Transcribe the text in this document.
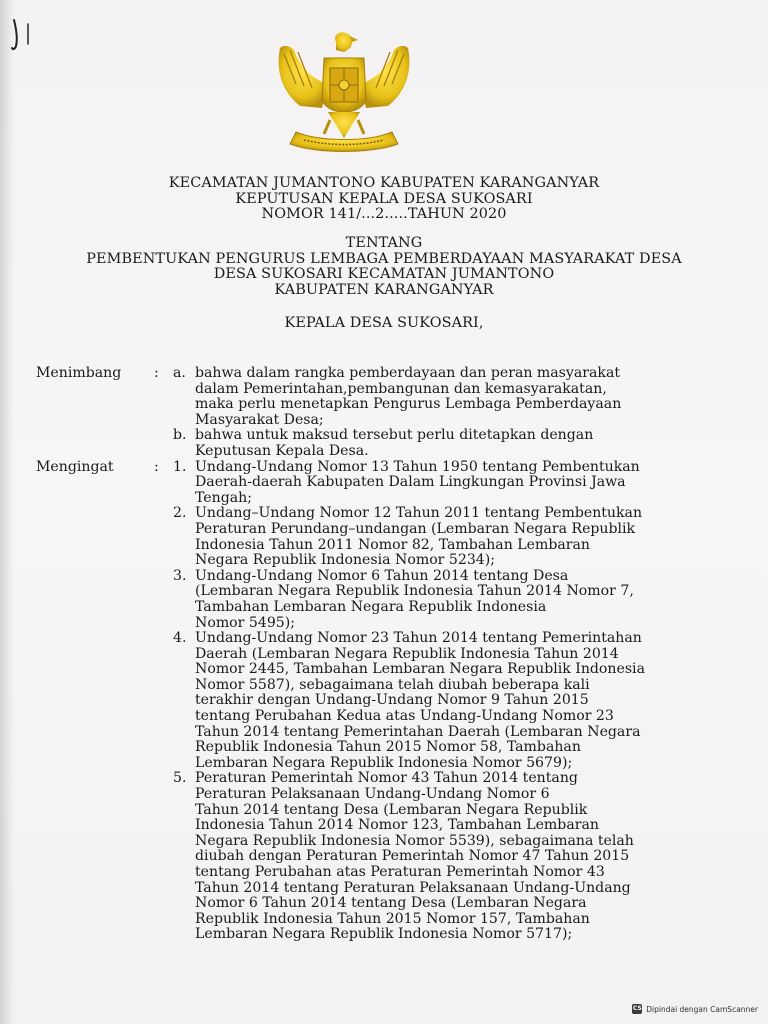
KECAMATAN JUMANTONO KABUPATEN KARANGANYAR
KEPUTUSAN KEPALA DESA SUKOSARI
NOMOR 141/...2.....TAHUN 2020
TENTANG
PEMBENTUKAN PENGURUS LEMBAGA PEMBERDAYAAN MASYARAKAT DESA
DESA SUKOSARI KECAMATAN JUMANTONO
KABUPATEN KARANGANYAR
KEPALA DESA SUKOSARI,
Menimbang	: a. bahwa dalam rangka pemberdayaan dan peran masyarakat
dalam Pemerintahan,pembangunan dan kemasyarakatan,
maka perlu menetapkan Pengurus Lembaga Pemberdayaan
Masyarakat Desa;
b. bahwa untuk maksud tersebut perlu ditetapkan dengan
Keputusan Kepala Desa.
Mengingat	: 1. Undang-Undang Nomor 13 Tahun 1950 tentang Pembentukan
Daerah-daerah Kabupaten Dalam Lingkungan Provinsi Jawa
Tengah;
2. Undang–Undang Nomor 12 Tahun 2011 tentang Pembentukan
Peraturan Perundang–undangan (Lembaran Negara Republik
Indonesia Tahun 2011 Nomor 82, Tambahan Lembaran
Negara Republik Indonesia Nomor 5234);
3. Undang-Undang Nomor 6 Tahun 2014 tentang Desa
(Lembaran Negara Republik Indonesia Tahun 2014 Nomor 7,
Tambahan Lembaran Negara Republik Indonesia
Nomor 5495);
4. Undang-Undang Nomor 23 Tahun 2014 tentang Pemerintahan
Daerah (Lembaran Negara Republik Indonesia Tahun 2014
Nomor 2445, Tambahan Lembaran Negara Republik Indonesia
Nomor 5587), sebagaimana telah diubah beberapa kali
terakhir dengan Undang-Undang Nomor 9 Tahun 2015
tentang Perubahan Kedua atas Undang-Undang Nomor 23
Tahun 2014 tentang Pemerintahan Daerah (Lembaran Negara
Republik Indonesia Tahun 2015 Nomor 58, Tambahan
Lembaran Negara Republik Indonesia Nomor 5679);
5. Peraturan Pemerintah Nomor 43 Tahun 2014 tentang
Peraturan Pelaksanaan Undang-Undang Nomor 6
Tahun 2014 tentang Desa (Lembaran Negara Republik
Indonesia Tahun 2014 Nomor 123, Tambahan Lembaran
Negara Republik Indonesia Nomor 5539), sebagaimana telah
diubah dengan Peraturan Pemerintah Nomor 47 Tahun 2015
tentang Perubahan atas Peraturan Pemerintah Nomor 43
Tahun 2014 tentang Peraturan Pelaksanaan Undang-Undang
Nomor 6 Tahun 2014 tentang Desa (Lembaran Negara
Republik Indonesia Tahun 2015 Nomor 157, Tambahan
Lembaran Negara Republik Indonesia Nomor 5717);
CS Dipindai dengan CamScanner
